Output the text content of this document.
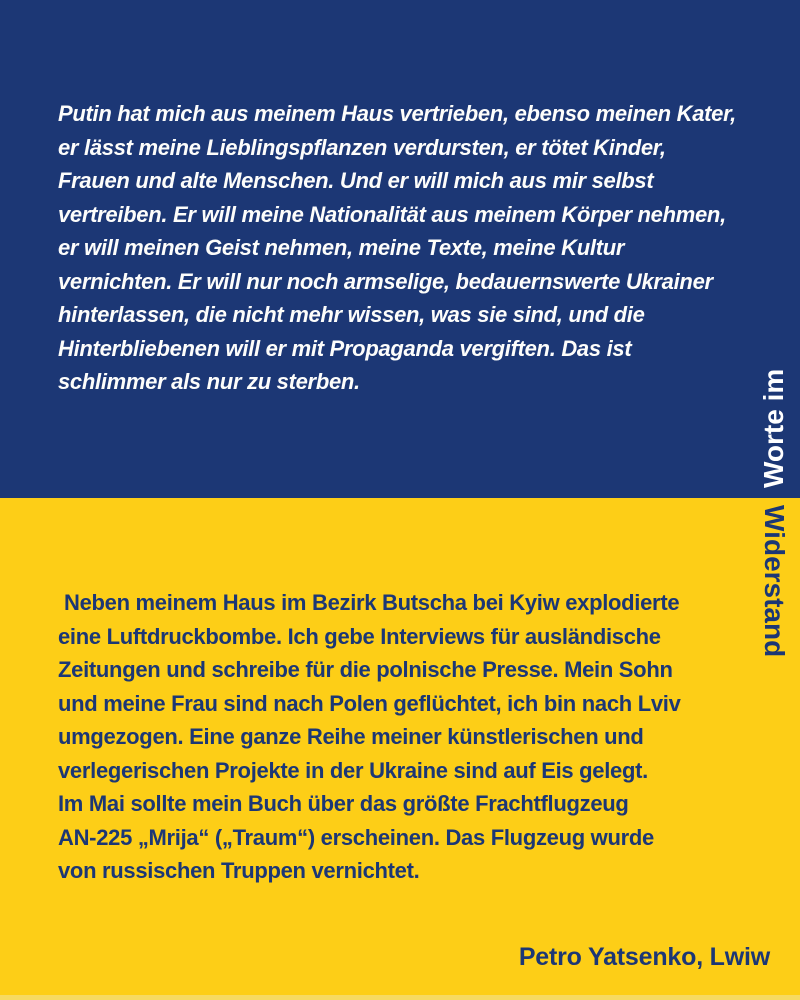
Putin hat mich aus meinem Haus vertrieben, ebenso meinen Kater,
er lässt meine Lieblingspflanzen verdursten, er tötet Kinder,
Frauen und alte Menschen. Und er will mich aus mir selbst
vertreiben. Er will meine Nationalität aus meinem Körper nehmen,
er will meinen Geist nehmen, meine Texte, meine Kultur
vernichten. Er will nur noch armselige, bedauernswerte Ukrainer
hinterlassen, die nicht mehr wissen, was sie sind, und die
Hinterbliebenen will er mit Propaganda vergiften. Das ist
schlimmer als nur zu sterben.
Neben meinem Haus im Bezirk Butscha bei Kyiw explodierte
eine Luftdruckbombe. Ich gebe Interviews für ausländische
Zeitungen und schreibe für die polnische Presse. Mein Sohn
und meine Frau sind nach Polen geflüchtet, ich bin nach Lviv
umgezogen. Eine ganze Reihe meiner künstlerischen und
verlegerischen Projekte in der Ukraine sind auf Eis gelegt.
Im Mai sollte mein Buch über das größte Frachtflugzeug
AN-225 „Mrija“ („Traum“) erscheinen. Das Flugzeug wurde
von russischen Truppen vernichtet.
Petro Yatsenko, Lwiw
Worte im
Widerstand
